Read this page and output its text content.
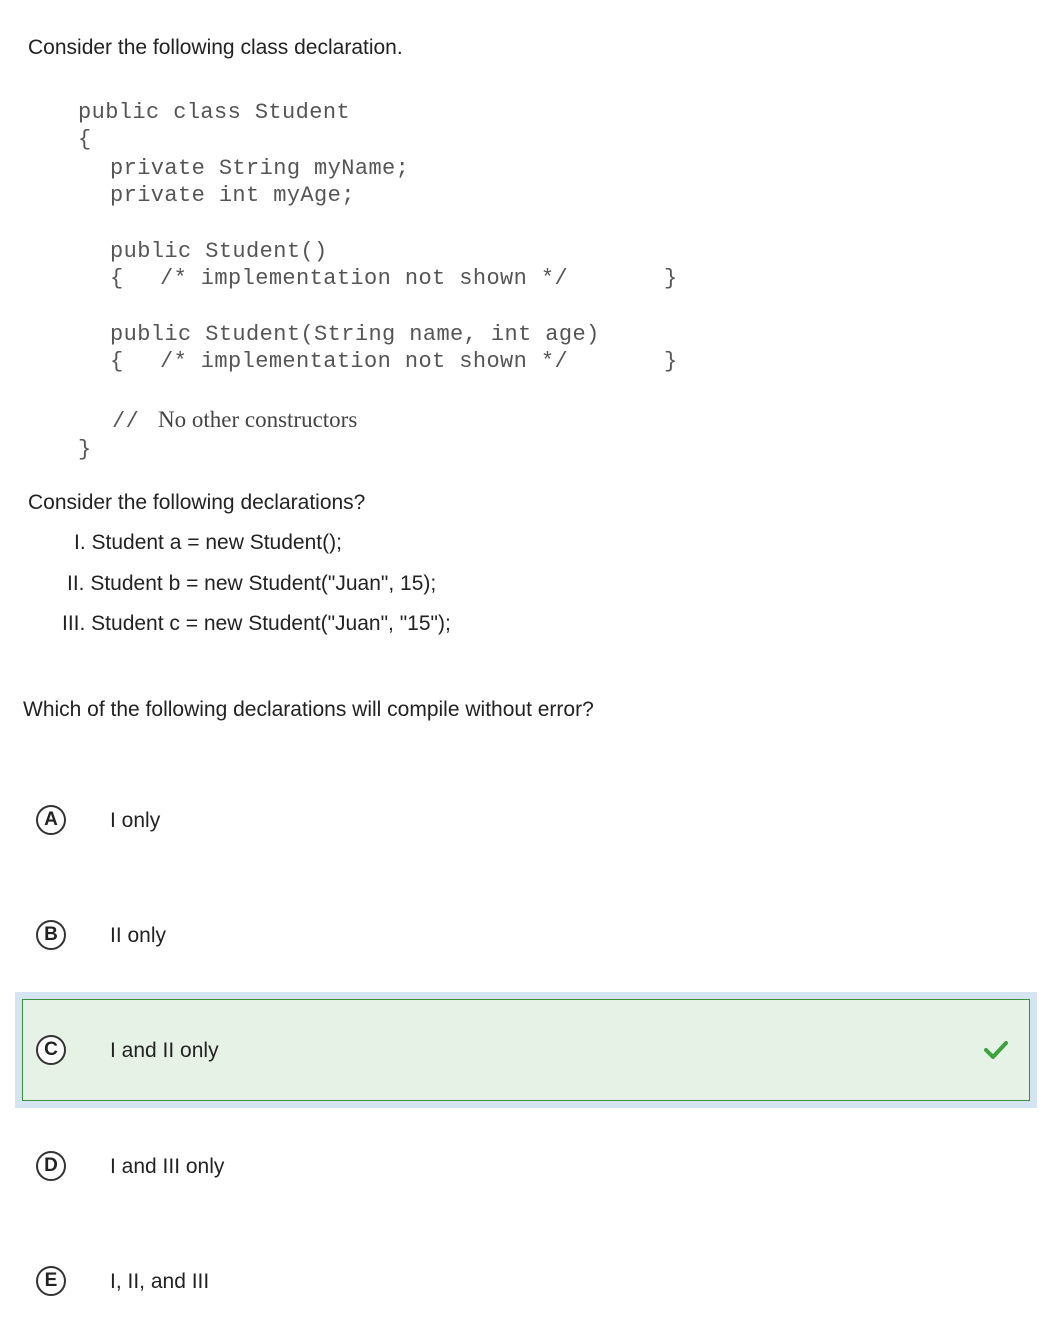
Consider the following class declaration.
public class Student
{
private String myName;
private int myAge;
public Student()
{ /* implementation not shown */	}
public Student(String name, int age)
{ /* implementation not shown */	}
// No other constructors
}
Consider the following declarations?
I. Student a = new Student();
II. Student b = new Student("Juan", 15);
III. Student c = new Student("Juan", "15");
Which of the following declarations will compile without error?
A	I only
B	II only
C	I and II only
D	I and III only
E	I, II, and III
